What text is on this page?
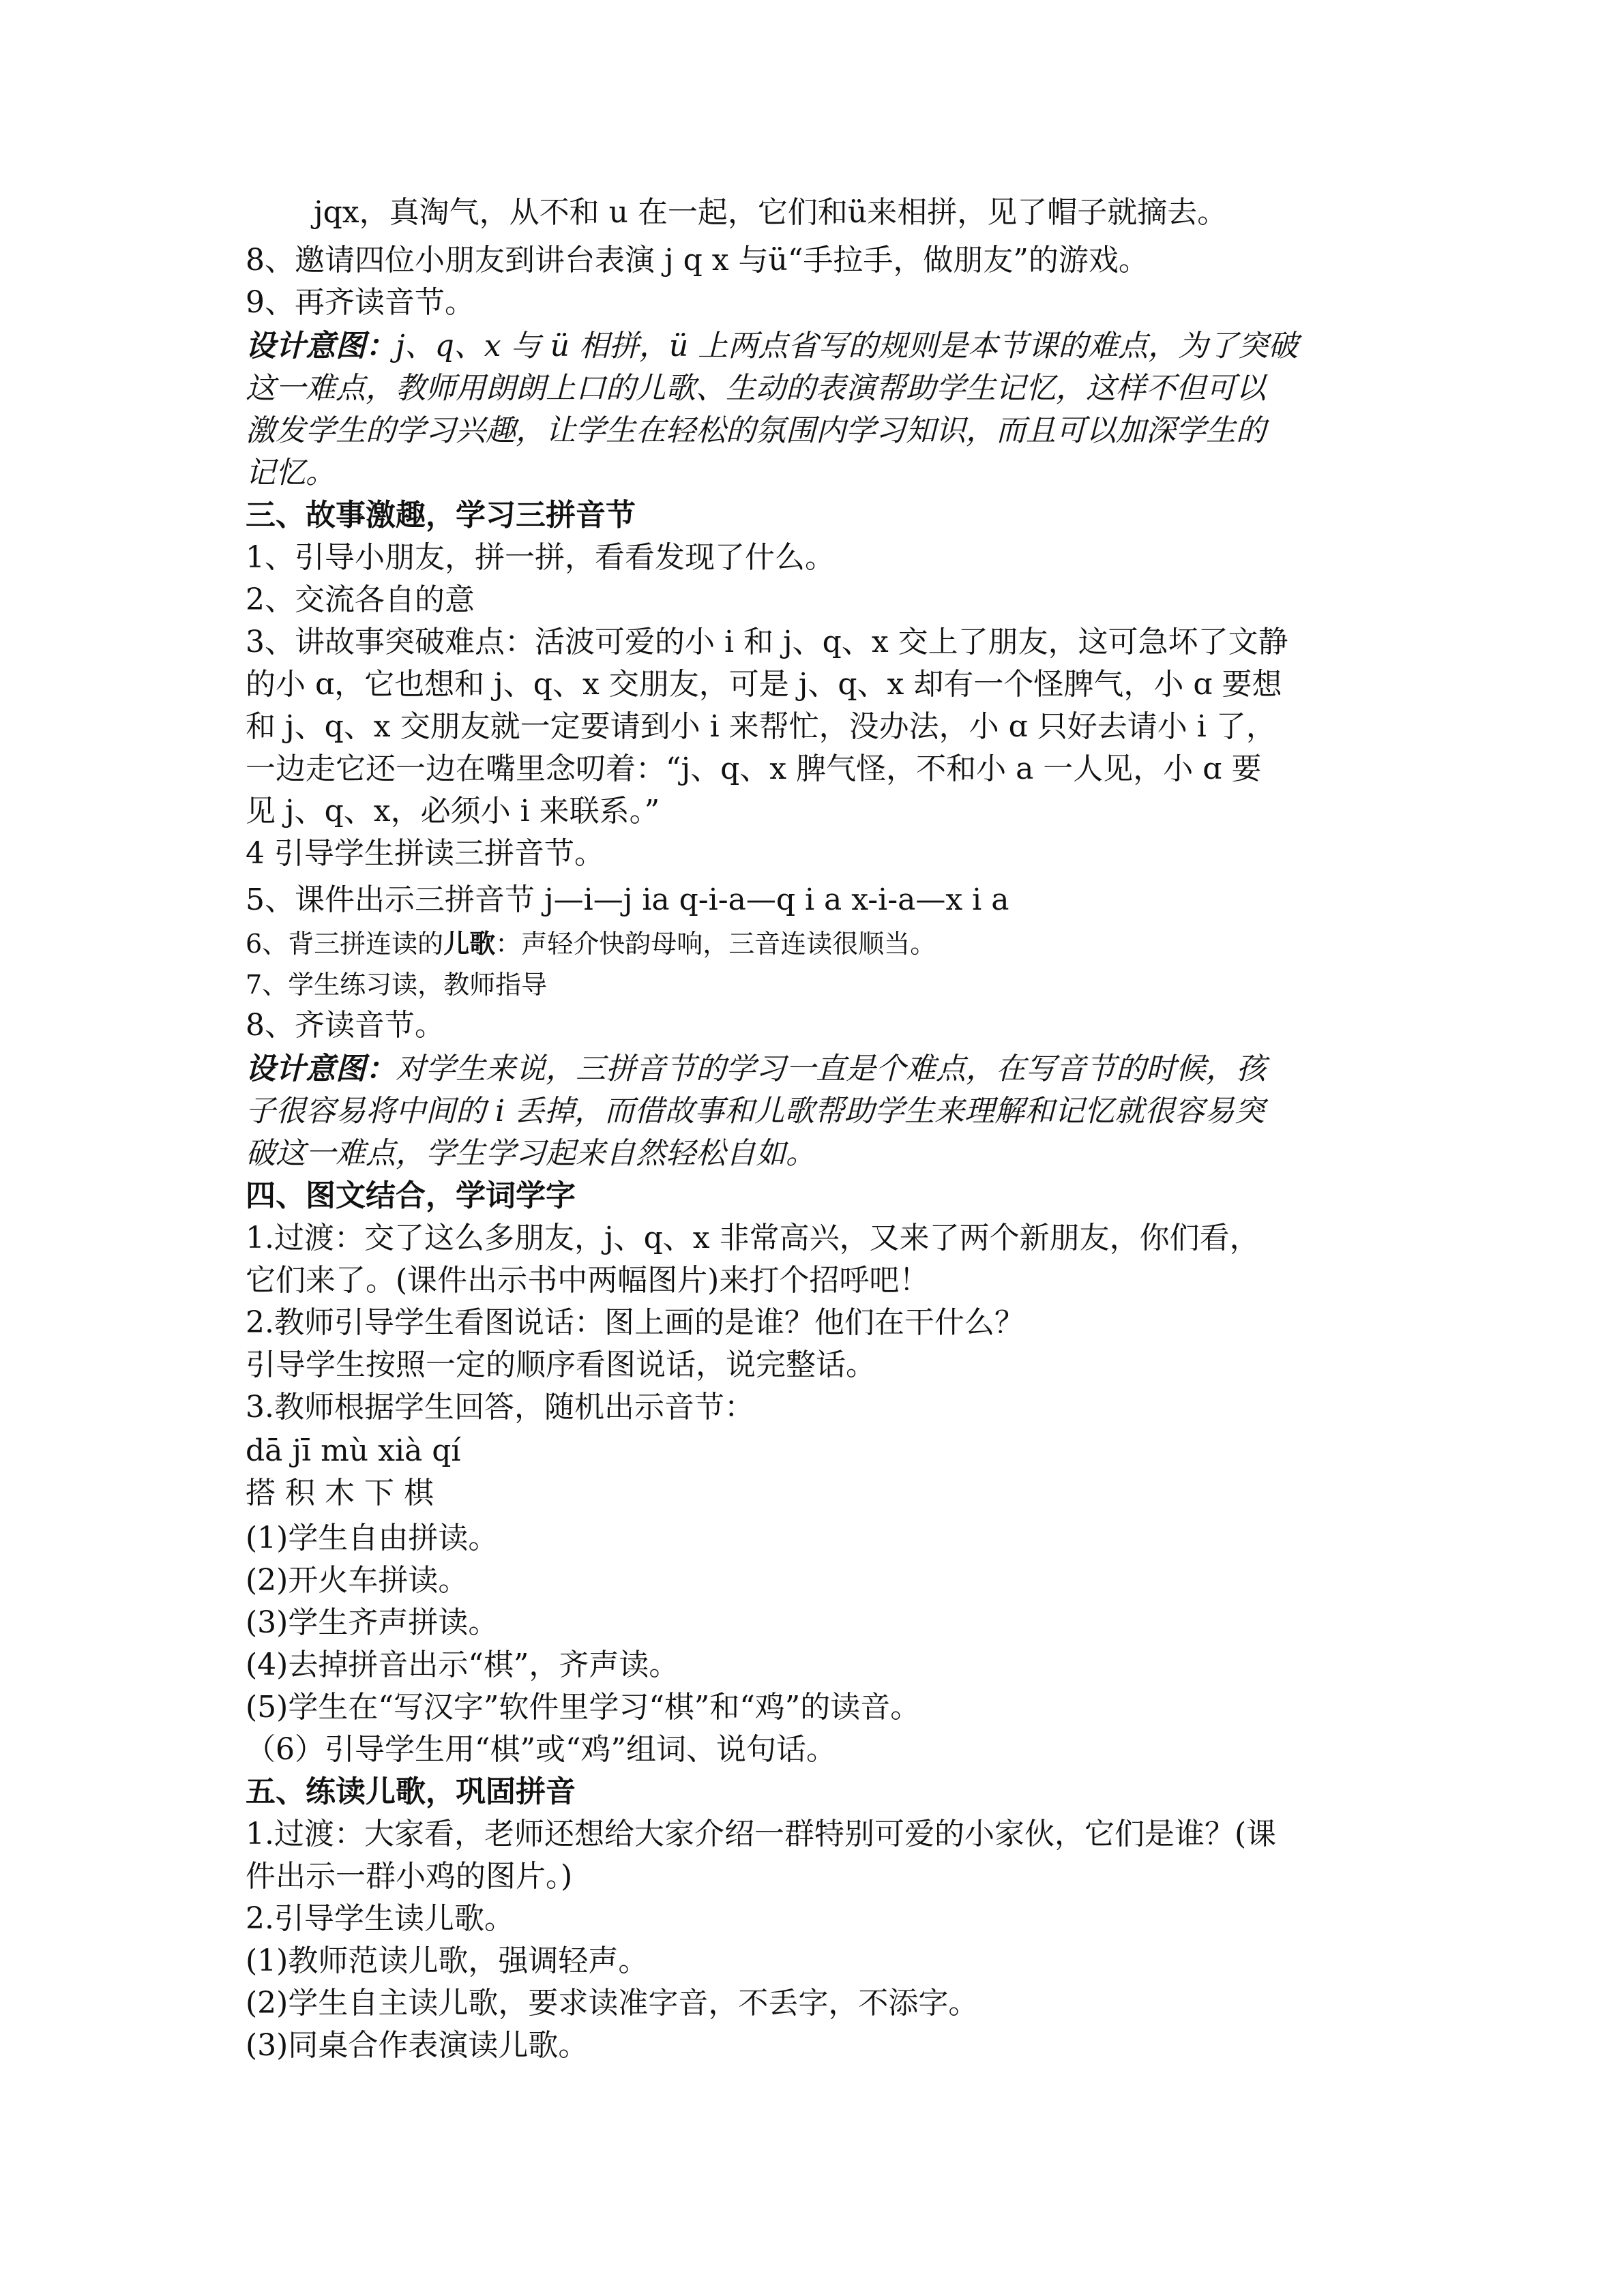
jqx，真淘气，从不和 u 在一起，它们和ü来相拼，见了帽子就摘去。
8、邀请四位小朋友到讲台表演 j q x 与ü“手拉手，做朋友”的游戏。
9、再齐读音节。
设计意图：j、q、x 与 ü 相拼，ü 上两点省写的规则是本节课的难点，为了突破
这一难点，教师用朗朗上口的儿歌、生动的表演帮助学生记忆，这样不但可以
激发学生的学习兴趣，让学生在轻松的氛围内学习知识，而且可以加深学生的
记忆。
三、故事激趣，学习三拼音节
1、引导小朋友，拼一拼，看看发现了什么。
2、交流各自的意
3、讲故事突破难点：活波可爱的小 i 和 j、q、x 交上了朋友，这可急坏了文静
的小 ɑ，它也想和 j、q、x 交朋友，可是 j、q、x 却有一个怪脾气，小 ɑ 要想
和 j、q、x 交朋友就一定要请到小 i 来帮忙，没办法，小 ɑ 只好去请小 i 了，
一边走它还一边在嘴里念叨着：“j、q、x 脾气怪，不和小 a 一人见，小 ɑ 要
见 j、q、x，必须小 i 来联系。”
4 引导学生拼读三拼音节。
5、课件出示三拼音节 j—i—j ia q-i-a—q i a x-i-a—x i a
6、背三拼连读的儿歌：声轻介快韵母响，三音连读很顺当。
7、学生练习读，教师指导
8、齐读音节。
设计意图：对学生来说，三拼音节的学习一直是个难点，在写音节的时候，孩
子很容易将中间的 i 丢掉，而借故事和儿歌帮助学生来理解和记忆就很容易突
破这一难点，学生学习起来自然轻松自如。
四、图文结合，学词学字
1.过渡：交了这么多朋友，j、q、x 非常高兴，又来了两个新朋友，你们看，
它们来了。(课件出示书中两幅图片)来打个招呼吧！
2.教师引导学生看图说话：图上画的是谁？他们在干什么？
引导学生按照一定的顺序看图说话，说完整话。
3.教师根据学生回答，随机出示音节：
dā jī mù xià qí
搭 积 木 下 棋
(1)学生自由拼读。
(2)开火车拼读。
(3)学生齐声拼读。
(4)去掉拼音出示“棋”，齐声读。
(5)学生在“写汉字”软件里学习“棋”和“鸡”的读音。
（6）引导学生用“棋”或“鸡”组词、说句话。
五、练读儿歌，巩固拼音
1.过渡：大家看，老师还想给大家介绍一群特别可爱的小家伙，它们是谁？(课
件出示一群小鸡的图片。)
2.引导学生读儿歌。
(1)教师范读儿歌，强调轻声。
(2)学生自主读儿歌，要求读准字音，不丢字，不添字。
(3)同桌合作表演读儿歌。
